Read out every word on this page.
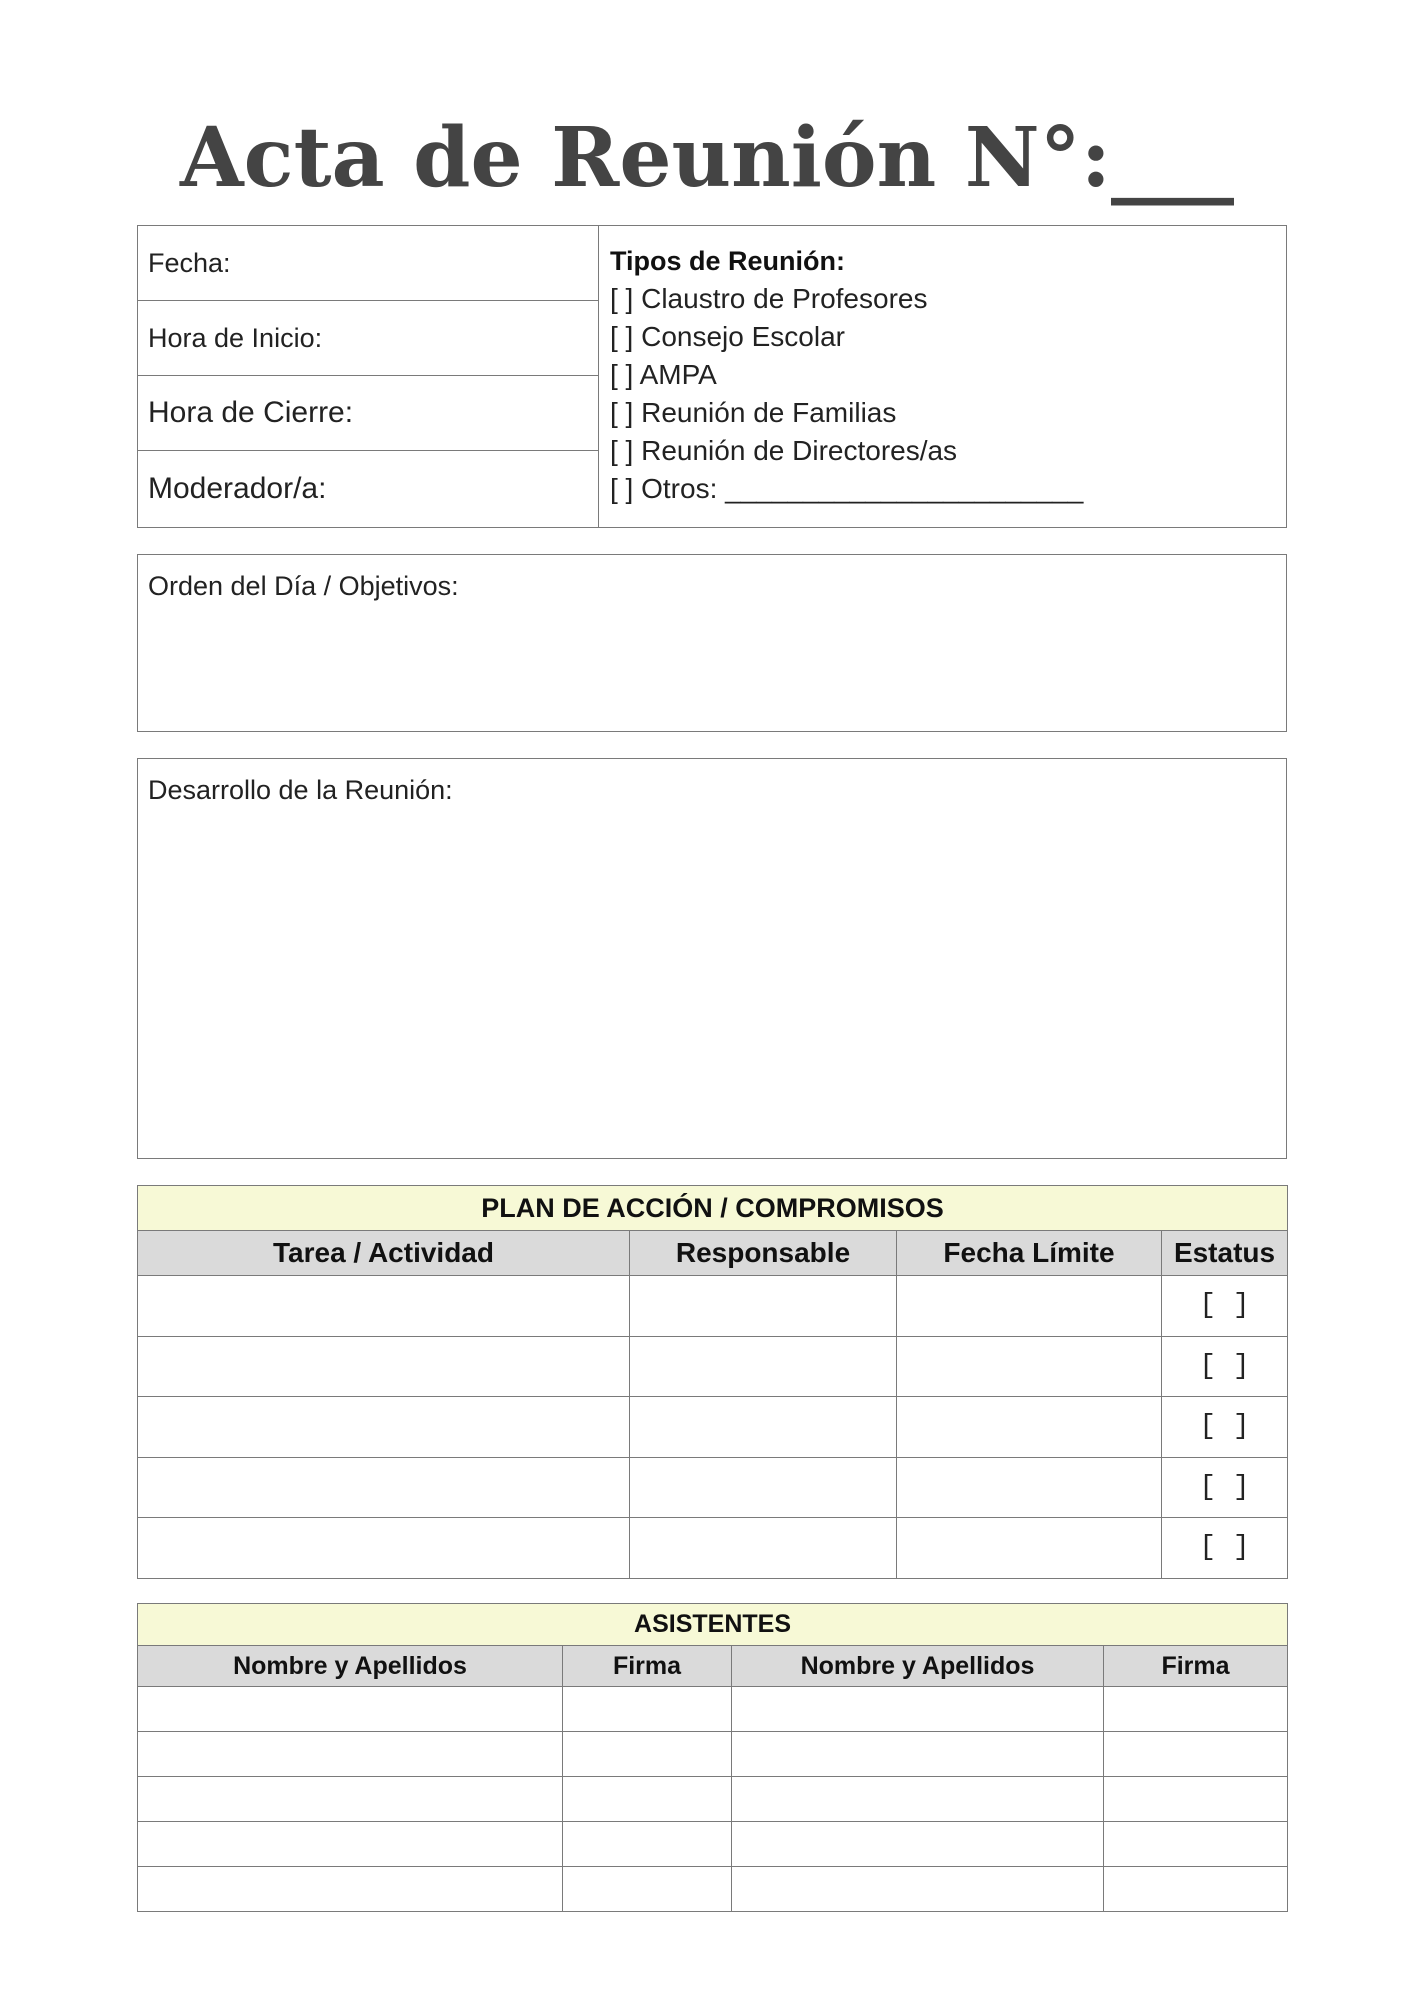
Acta de Reunión N°:___
Fecha:
Hora de Inicio:
Hora de Cierre:
Moderador/a:
Tipos de Reunión:
[ ] Claustro de Profesores
[ ] Consejo Escolar
[ ] AMPA
[ ] Reunión de Familias
[ ] Reunión de Directores/as
[ ] Otros: _______________________
Orden del Día / Objetivos:
Desarrollo de la Reunión:
PLAN DE ACCIÓN / COMPROMISOS			
Tarea / Actividad	Responsable	Fecha Límite	Estatus
			[ ]
			[ ]
			[ ]
			[ ]
			[ ]
ASISTENTES			
Nombre y Apellidos	Firma	Nombre y Apellidos	Firma
